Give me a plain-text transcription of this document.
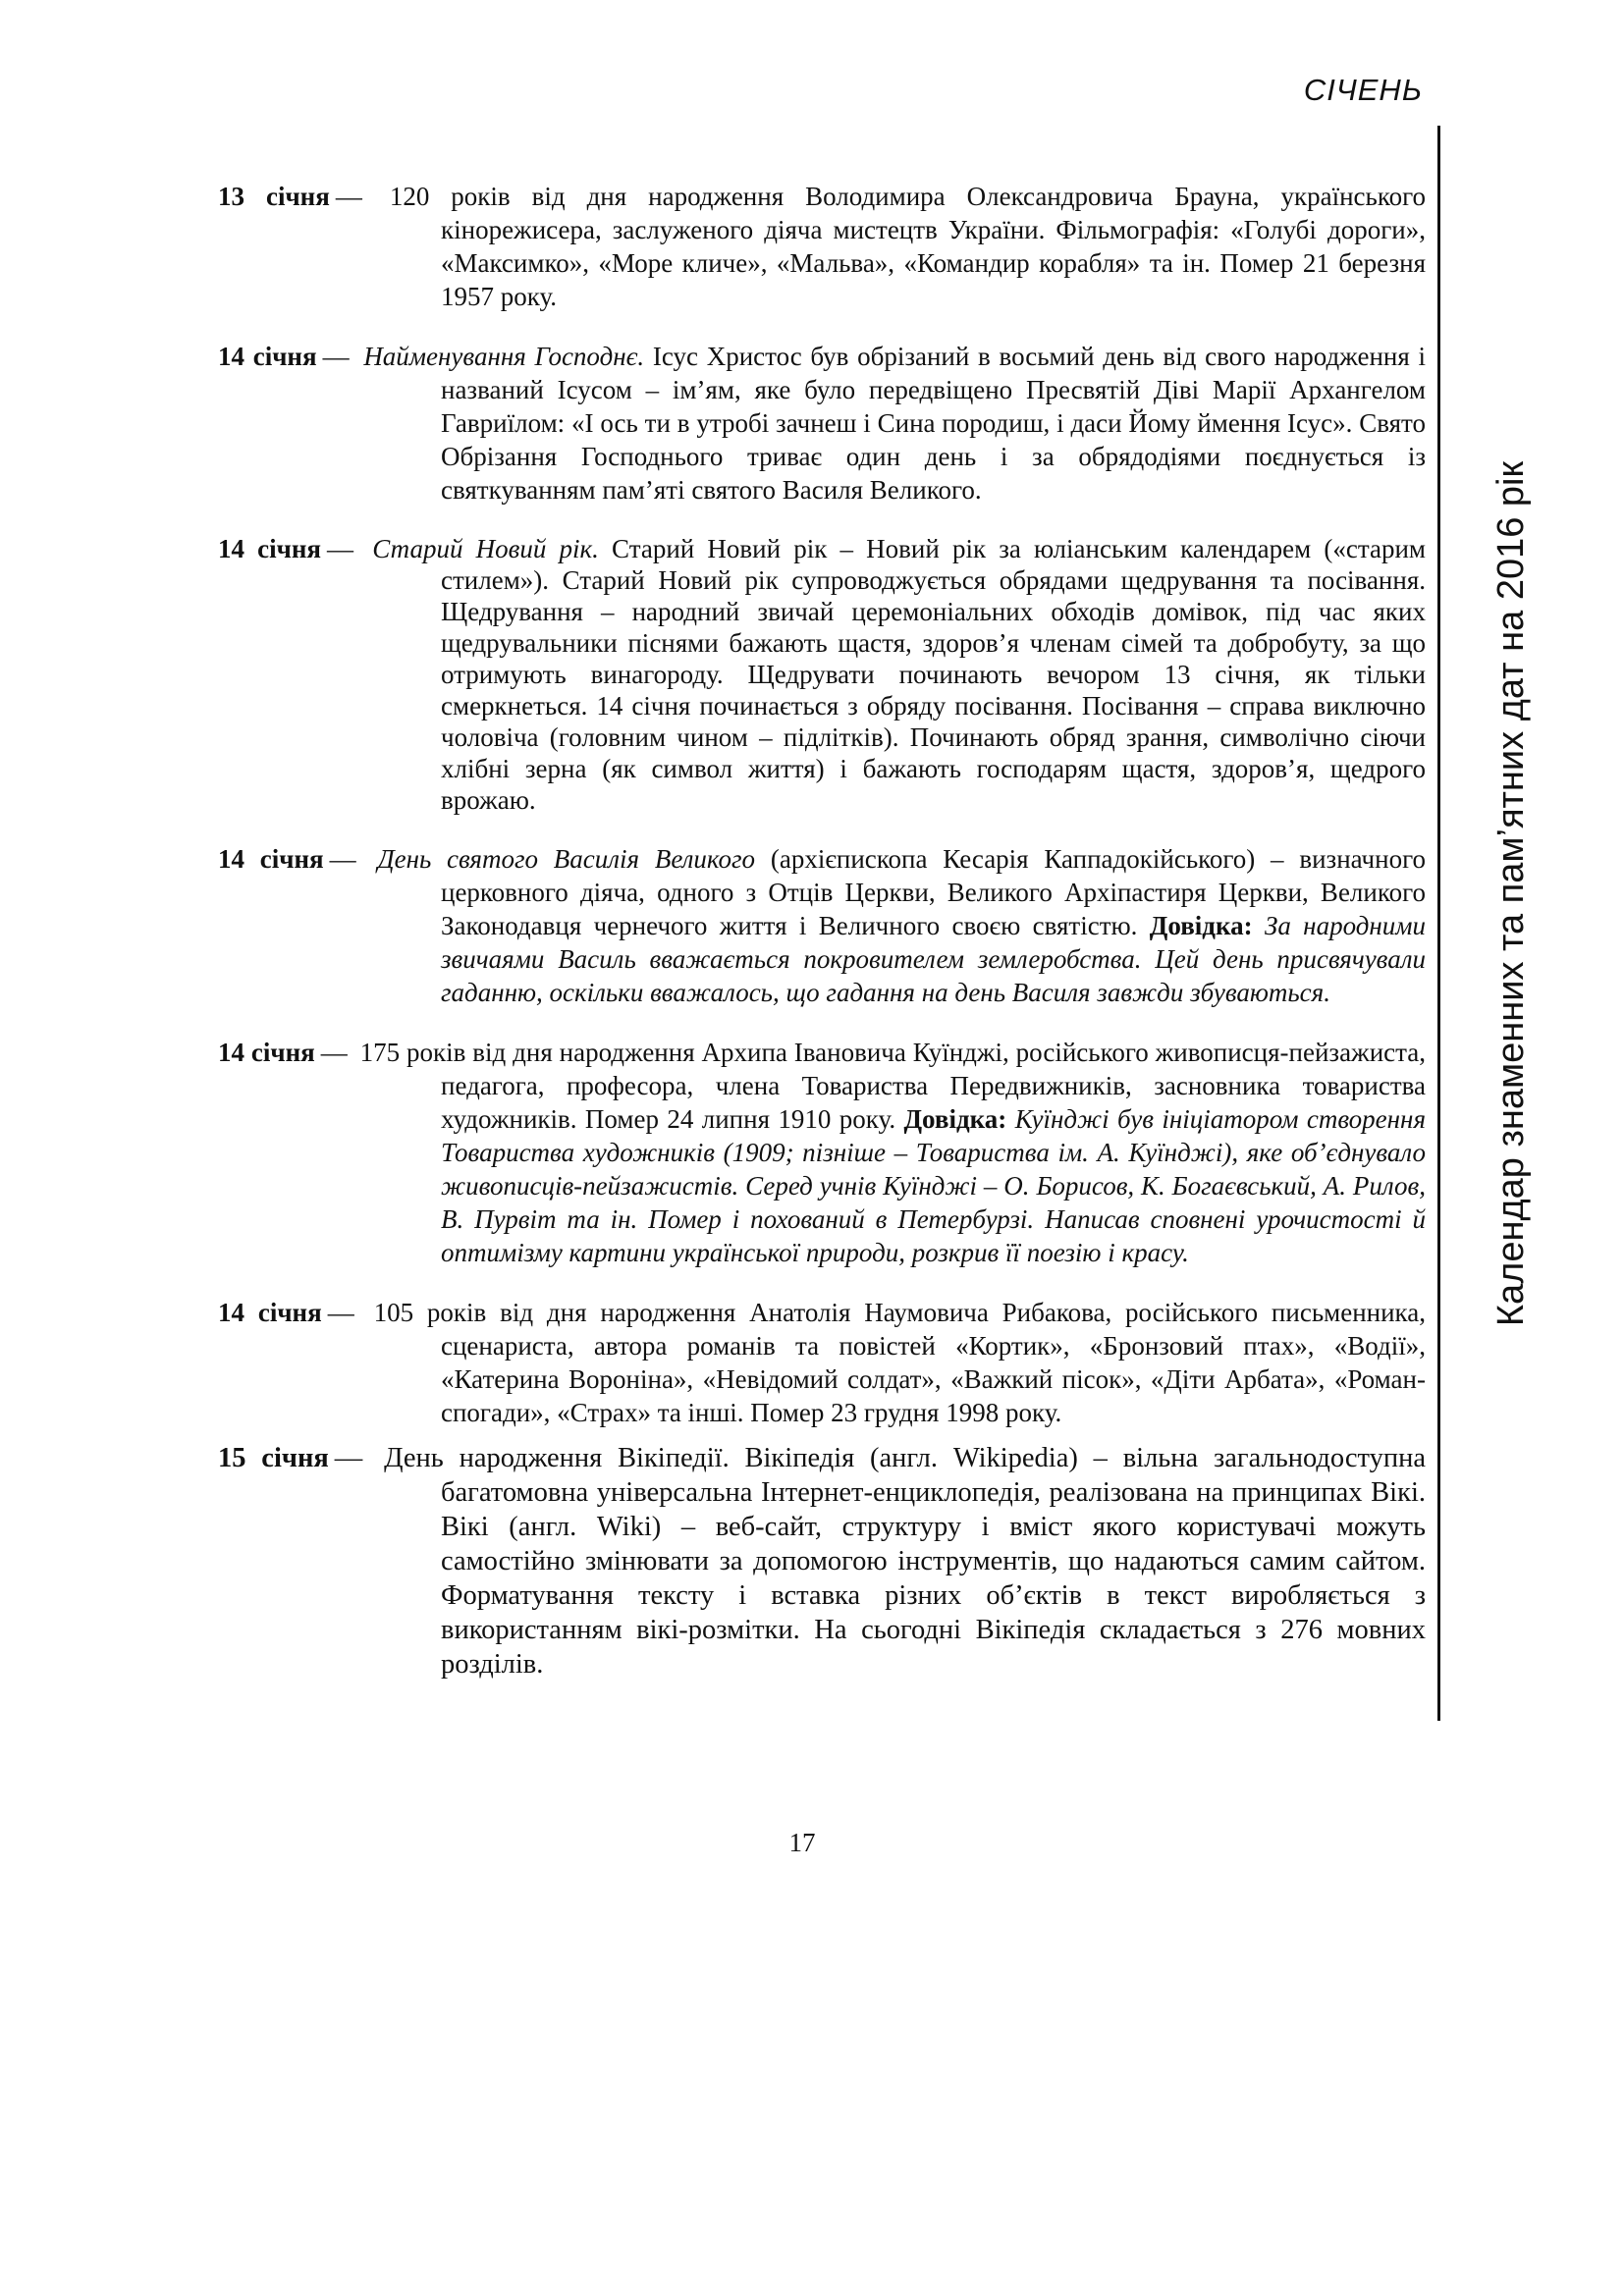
СІЧЕНЬ
Календар знаменних та пам’ятних дат на 2016 рік

13 січня — 120 років від дня народження Володимира Олександровича Брауна, українського кінорежисера, заслуженого діяча мистецтв України. Фільмографія: «Голубі дороги», «Максимко», «Море кличе», «Мальва», «Командир корабля» та ін. Помер 21 березня 1957 року.

14 січня — Найменування Господнє. Ісус Христос був обрізаний в восьмий день від свого народження і названий Ісусом – ім’ям, яке було передвіщено Пресвятій Діві Марії Архангелом Гавриїлом: «І ось ти в утробі зачнеш і Сина породиш, і даси Йому ймення Ісус». Свято Обрізання Господнього триває один день і за обрядодіями поєднується із святкуванням пам’яті святого Василя Великого.

14 січня — Старий Новий рік. Старий Новий рік – Новий рік за юліанським календарем («старим стилем»). Старий Новий рік супроводжується обрядами щедрування та посівання. Щедрування – народний звичай церемоніальних обходів домівок, під час яких щедрувальники піснями бажають щастя, здоров’я членам сімей та добробуту, за що отримують винагороду. Щедрувати починають вечором 13 січня, як тільки смеркнеться. 14 січня починається з обряду посівання. Посівання – справа виключно чоловіча (головним чином – підлітків). Починають обряд зрання, символічно сіючи хлібні зерна (як символ життя) і бажають господарям щастя, здоров’я, щедрого врожаю.

14 січня — День святого Василія Великого (архієпископа Кесарія Каппадокійського) – визначного церковного діяча, одного з Отців Церкви, Великого Архіпастиря Церкви, Великого Законодавця чернечого життя і Величного своєю святістю. Довідка: За народними звичаями Василь вважається покровителем землеробства. Цей день присвячували гаданню, оскільки вважалось, що гадання на день Василя завжди збуваються.

14 січня — 175 років від дня народження Архипа Івановича Куїнджі, російського живописця-пейзажиста, педагога, професора, члена Товариства Передвижників, засновника товариства художників. Помер 24 липня 1910 року. Довідка: Куїнджі був ініціатором створення Товариства художників (1909; пізніше – Товариства ім. А. Куїнджі), яке об’єднувало живописців-пейзажистів. Серед учнів Куїнджі – О. Борисов, К. Богаєвський, А. Рилов, В. Пурвіт та ін. Помер і похований в Петербурзі. Написав сповнені урочистості й оптимізму картини української природи, розкрив її поезію і красу.

14 січня — 105 років від дня народження Анатолія Наумовича Рибакова, російського письменника, сценариста, автора романів та повістей «Кортик», «Бронзовий птах», «Водії», «Катерина Вороніна», «Невідомий солдат», «Важкий пісок», «Діти Арбата», «Роман-спогади», «Страх» та інші. Помер 23 грудня 1998 року.

15 січня — День народження Вікіпедії. Вікіпедія (англ. Wikipedia) – вільна загальнодоступна багатомовна універсальна Інтернет-енциклопедія, реалізована на принципах Вікі. Вікі (англ. Wiki) – веб-сайт, структуру і вміст якого користувачі можуть самостійно змінювати за допомогою інструментів, що надаються самим сайтом. Форматування тексту і вставка різних об’єктів в текст виробляється з використанням вікі-розмітки. На сьогодні Вікіпедія складається з 276 мовних розділів.

17
